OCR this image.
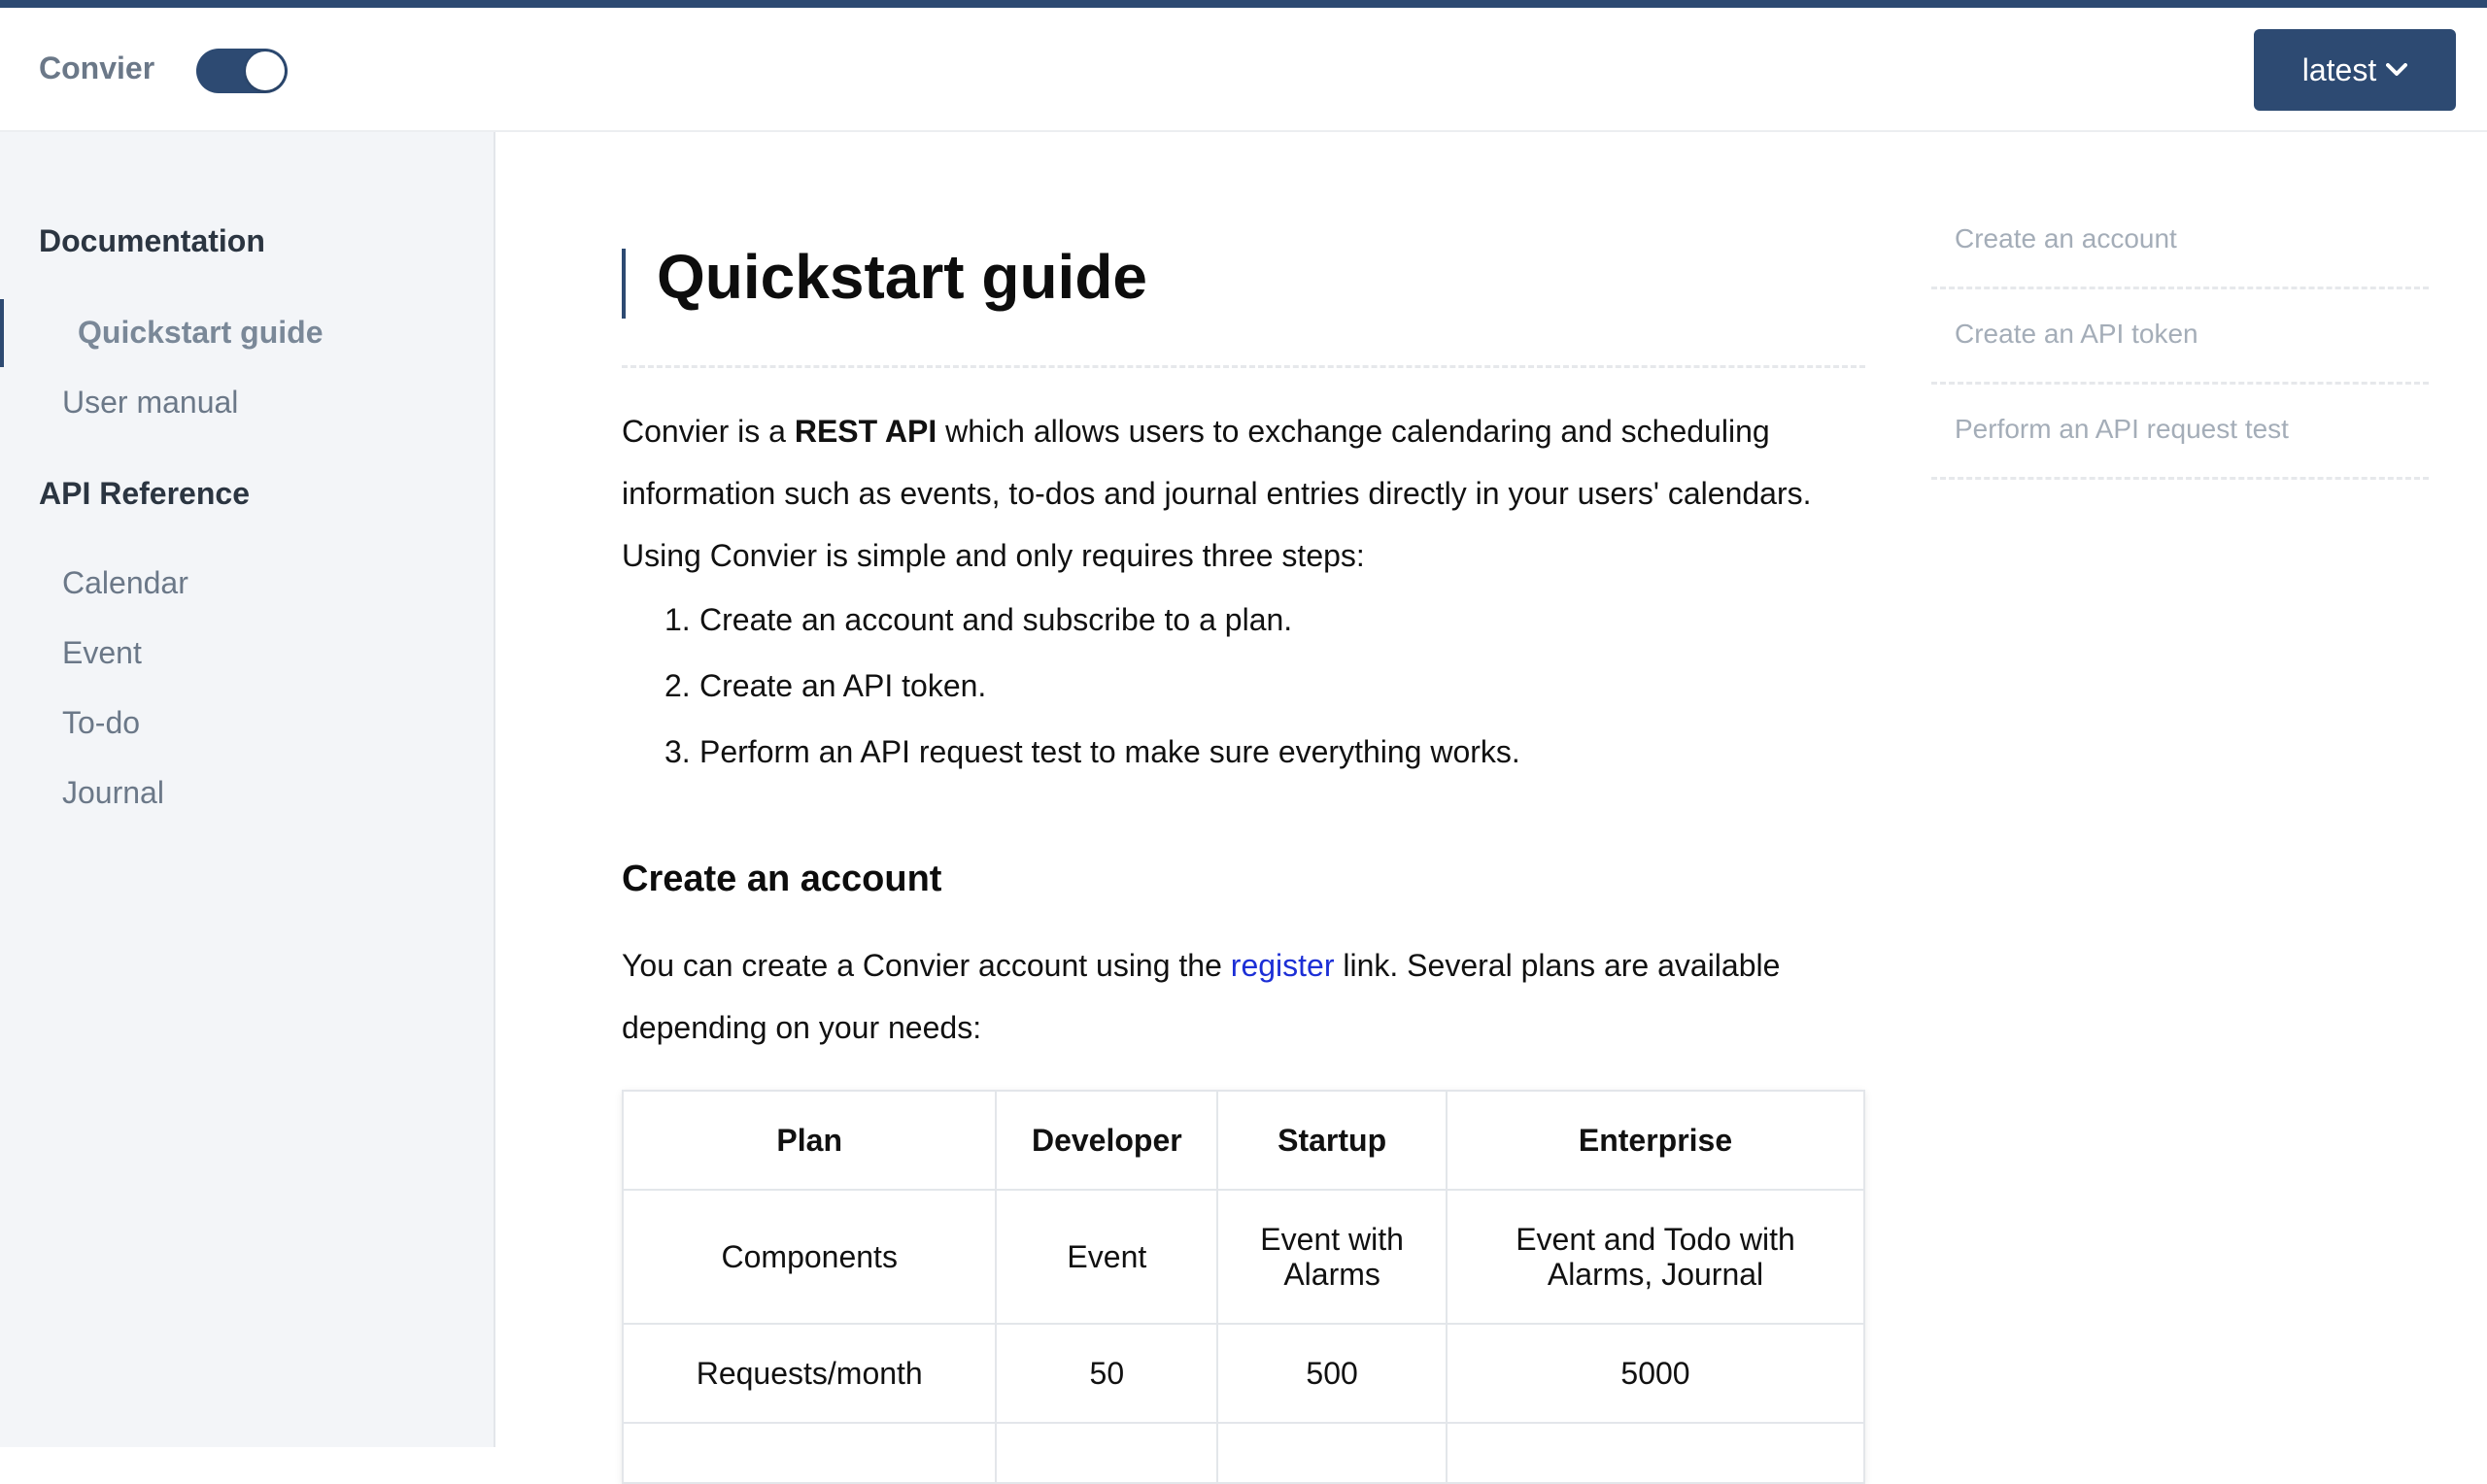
Convier	latest
Documentation
Quickstart guide
User manual
API Reference
Calendar
Event
To-do
Journal
Quickstart guide

Convier is a REST API which allows users to exchange calendaring and scheduling information such as events, to-dos and journal entries directly in your users' calendars.

Using Convier is simple and only requires three steps:

1. Create an account and subscribe to a plan.
2. Create an API token.
3. Perform an API request test to make sure everything works.
Create an account

You can create a Convier account using the register link. Several plans are available depending on your needs:

Plan	Developer	Startup	Enterprise
Components	Event	Event with Alarms	Event and Todo with Alarms, Journal
Requests/month	50	500	5000

Create an account
Create an API token
Perform an API request test
